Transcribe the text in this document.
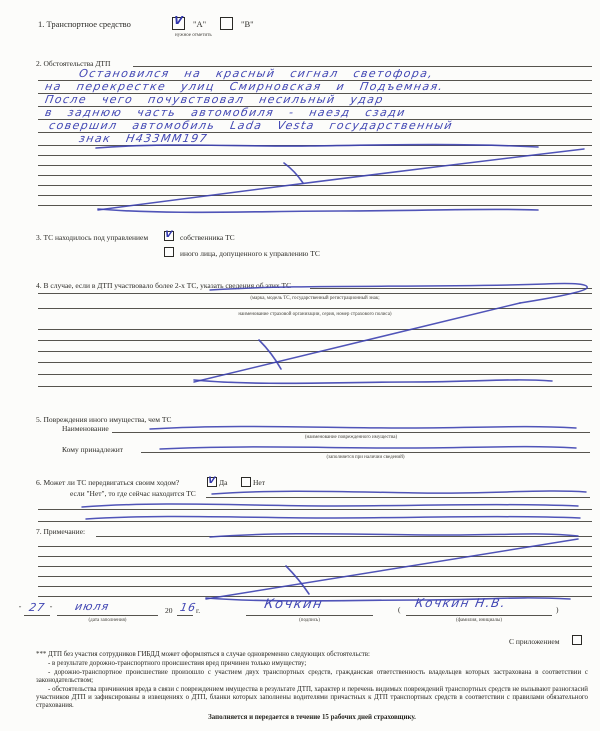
1. Транспортное средство	V "А"	"В"
нужное отметить
2. Обстоятельства ДТП
Остановился на красный сигнал светофора,
на перекрестке улиц Смирновская и Подъемная.
После чего почувствовал несильный удар
в заднюю часть автомобиля - наезд сзади
совершил автомобиль Lada Vesta государственный
знак Н433ММ197
3. ТС находилось под управлением V собственника ТС
иного лица, допущенного к управлению ТС
4. В случае, если в ДТП участвовало более 2-х ТС, указать сведения об этих ТС
(марка, модель ТС, государственный регистрационный знак;
наименование страховой организации, серия, номер страхового полиса)
5. Повреждения иного имущества, чем ТС
Наименование
(наименование поврежденного имущества)
Кому принадлежит
(заполняется при наличии сведений)
6. Может ли ТС передвигаться своим ходом?	V Да	Нет
если "Нет", то где сейчас находится ТС
7. Примечание:
" 27 " июля
(дата заполнения)
20 16
г.	Кочкин
(подпись)
( Кочкин Н.В.	)
(фамилия, инициалы)
С приложением

*** ДТП без участия сотрудников ГИБДД может оформляться в случае одновременно следующих обстоятельств:

- в результате дорожно-транспортного происшествия вред причинен только имуществу;

- дорожно-транспортное происшествие произошло с участием двух транспортных средств, гражданская ответственность владельцев которых застрахована в соответствии с законодательством;

- обстоятельства причинения вреда в связи с повреждением имущества в результате ДТП, характер и перечень видимых повреждений транспортных средств не вызывают разногласий участников ДТП и зафиксированы в извещениях о ДТП, бланки которых заполнены водителями причастных к ДТП транспортных средств в соответствии с правилами обязательного страхования.

Заполняется и передается в течение 15 рабочих дней страховщику.
